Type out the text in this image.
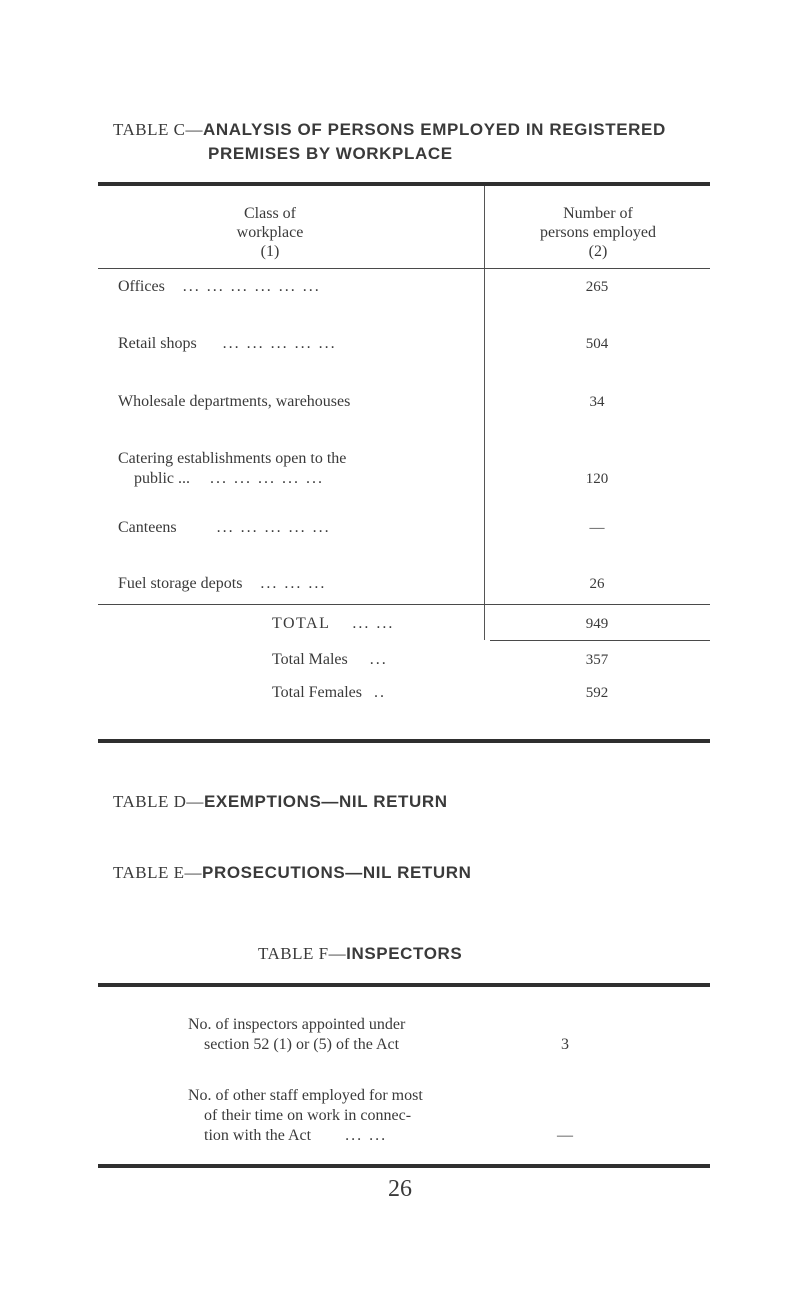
TABLE C—ANALYSIS OF PERSONS EMPLOYED IN REGISTERED
PREMISES BY WORKPLACE
Class of
workplace
(1)
Number of
persons employed
(2)
Offices ... ... ... ... ... ...	265
Retail shops ... ... ... ... ...	504
Wholesale departments, warehouses	34
Catering establishments open to the
public ... ... ... ... ... ...	120
Canteens	... ... ... ... ...	—
Fuel storage depots ... ... ...	26
TOTAL ... ...	949
Total Males ...	357
Total Females ..	592
TABLE D—EXEMPTIONS—NIL RETURN
TABLE E—PROSECUTIONS—NIL RETURN
TABLE F—INSPECTORS
No. of inspectors appointed under
section 52 (1) or (5) of the Act	3
No. of other staff employed for most
of their time on work in connec-
tion with the Act ... ...	—
26
